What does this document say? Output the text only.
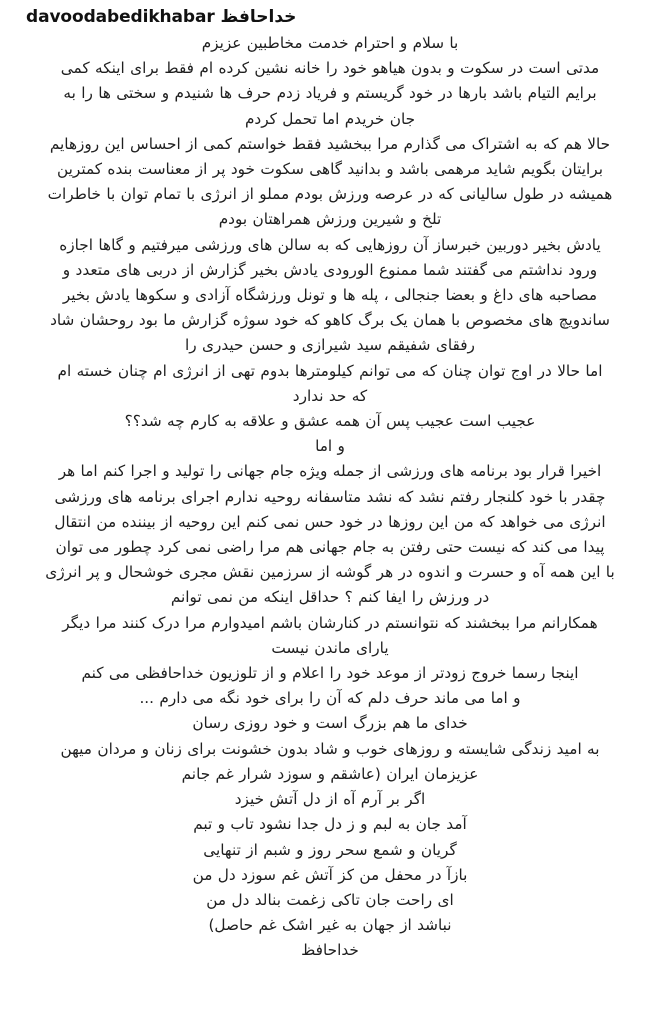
خداحافظ davoodabedikhabar
با سلام و احترام خدمت مخاطبین عزیزم
مدتی است در سکوت و بدون هیاهو خود را خانه نشین کرده ام فقط برای اینکه کمی
برایم التیام باشد بارها در خود گریستم و فریاد زدم حرف ها شنیدم و سختی ها را به
جان خریدم اما تحمل کردم
حالا هم که به اشتراک می گذارم مرا ببخشید فقط خواستم کمی از احساس این روزهایم
برایتان بگویم شاید مرهمی باشد و بدانید گاهی سکوت خود پر از معناست بنده کمترین
همیشه در طول سالیانی که در عرصه ورزش بودم مملو از انرژی با تمام توان با خاطرات
تلخ و شیرین ورزش همراهتان بودم
یادش بخیر دوربین خبرساز آن روزهایی که به سالن های ورزشی میرفتیم و گاها اجازه
ورود نداشتم می گفتند شما ممنوع الورودی یادش بخیر گزارش از دربی های متعدد و
مصاحبه های داغ و بعضا جنجالی ، پله ها و تونل ورزشگاه آزادی و سکوها یادش بخیر
ساندویچ های مخصوص با همان یک برگ کاهو که خود سوژه گزارش ما بود روحشان شاد
رفقای شفیقم سید شیرازی و حسن حیدری را
اما حالا در اوج توان چنان که می توانم کیلومترها بدوم تهی از انرژی ام چنان خسته ام
که حد ندارد
عجیب است عجیب پس آن همه عشق و علاقه به کارم چه شد؟؟
و اما
اخیرا قرار بود برنامه های ورزشی از جمله ویژه جام جهانی را تولید و اجرا کنم اما هر
چقدر با خود کلنجار رفتم نشد که نشد متاسفانه روحیه ندارم اجرای برنامه های ورزشی
انرژی می خواهد که من این روزها در خود حس نمی کنم این روحیه از بیننده من انتقال
پیدا می کند که نیست حتی رفتن به جام جهانی هم مرا راضی نمی کرد چطور می توان
با این همه آه و حسرت و اندوه در هر گوشه از سرزمین نقش مجری خوشحال و پر انرژی
در ورزش را ایفا کنم ؟ حداقل اینکه من نمی توانم
همکارانم مرا ببخشند که نتوانستم در کنارشان باشم امیدوارم مرا درک کنند مرا دیگر
یارای ماندن نیست
اینجا رسما خروج زودتر از موعد خود را اعلام و از تلوزیون خداحافظی می کنم
و اما می ماند حرف دلم که آن را برای خود نگه می دارم ...
خدای ما هم بزرگ است و خود روزی رسان
به امید زندگی شایسته و روزهای خوب و شاد بدون خشونت برای زنان و مردان میهن
عزیزمان ایران (عاشقم و سوزد شرار غم جانم
اگر بر آرم آه از دل آتش خیزد
آمد جان به لبم و ز دل جدا نشود تاب و تبم
گریان و شمع سحر روز و شبم از تنهایی
بازآ در محفل من کز آتش غم سوزد دل من
ای راحت جان تاکی زغمت بنالد دل من
نباشد از جهان به غیر اشک غم حاصل)
خداحافظ
